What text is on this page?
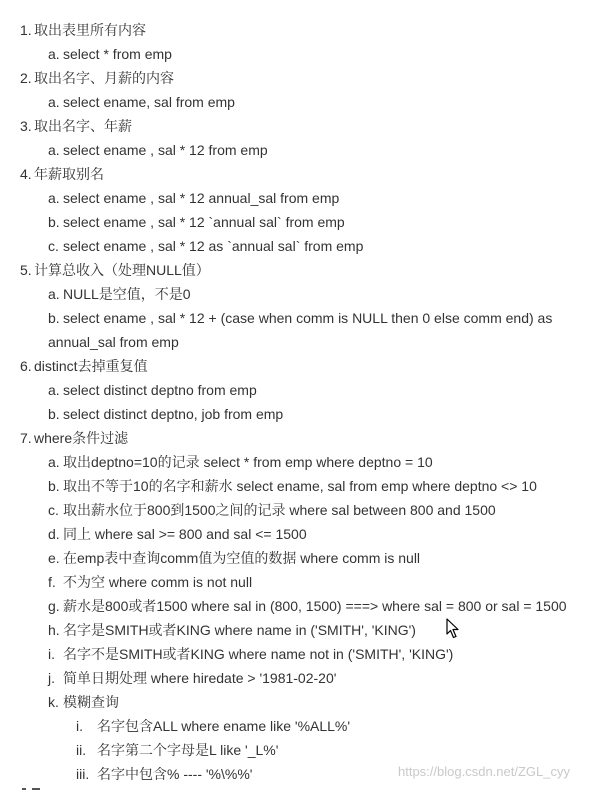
1. 取出表里所有内容
a. select * from emp
2. 取出名字、月薪的内容
a. select ename, sal from emp
3. 取出名字、年薪
a. select ename , sal * 12 from emp
4. 年薪取别名
a. select ename , sal * 12 annual_sal from emp
b. select ename , sal * 12 `annual sal` from emp
c. select ename , sal * 12 as `annual sal` from emp
5. 计算总收入（处理NULL值）
a. NULL是空值，不是0
b. select ename , sal * 12 + (case when comm is NULL then 0 else comm end) as
annual_sal from emp
6. distinct去掉重复值
a. select distinct deptno from emp
b. select distinct deptno, job from emp
7. where条件过滤
a. 取出deptno=10的记录 select * from emp where deptno = 10
b. 取出不等于10的名字和薪水 select ename, sal from emp where deptno <> 10
c. 取出薪水位于800到1500之间的记录 where sal between 800 and 1500
d. 同上 where sal >= 800 and sal <= 1500
e. 在emp表中查询comm值为空值的数据 where comm is null
f. 不为空 where comm is not null
g. 薪水是800或者1500 where sal in (800, 1500) ===> where sal = 800 or sal = 1500
h. 名字是SMITH或者KING where name in ('SMITH', 'KING')
i. 名字不是SMITH或者KING where name not in ('SMITH', 'KING')
j. 简单日期处理 where hiredate > '1981-02-20'
k. 模糊查询
i. 名字包含ALL where ename like '%ALL%'
ii. 名字第二个字母是L like '_L%'
iii. 名字中包含% ---- '%\%%'	https://blog.csdn.net/ZGL_cyy
